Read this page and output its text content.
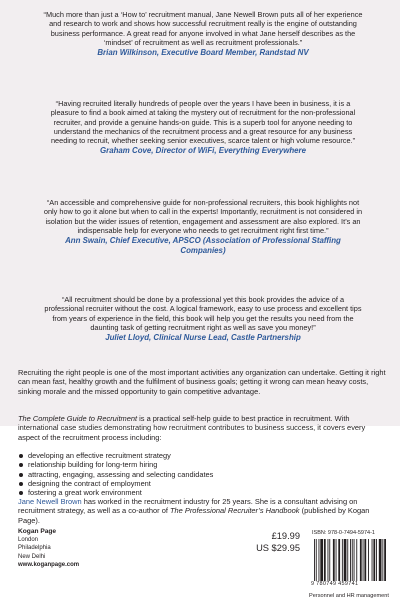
“Much more than just a ‘How to’ recruitment manual, Jane Newell Brown puts all of her experience and research to work and shows how successful recruitment really is the engine of outstanding business performance. A great read for anyone involved in what Jane herself describes as the ‘mindset’ of recruitment as well as recruitment professionals.”
Brian Wilkinson, Executive Board Member, Randstad NV
“Having recruited literally hundreds of people over the years I have been in business, it is a pleasure to find a book aimed at taking the mystery out of recruitment for the non-professional recruiter, and provide a genuine hands-on guide. This is a superb tool for anyone needing to understand the mechanics of the recruitment process and a great resource for any business needing to recruit, whether seeking senior executives, scarce talent or high volume resource.”
Graham Cove, Director of WiFi, Everything Everywhere
“An accessible and comprehensive guide for non-professional recruiters, this book highlights not only how to go it alone but when to call in the experts! Importantly, recruitment is not considered in isolation but the wider issues of retention, engagement and assessment are also explored. It’s an indispensable help for everyone who needs to get recruitment right first time.”
Ann Swain, Chief Executive, APSCO (Association of Professional Staffing Companies)
“All recruitment should be done by a professional yet this book provides the advice of a professional recruiter without the cost. A logical framework, easy to use process and excellent tips from years of experience in the field, this book will help you get the results you need from the daunting task of getting recruitment right as well as save you money!”
Juliet Lloyd, Clinical Nurse Lead, Castle Partnership

Recruiting the right people is one of the most important activities any organization can undertake. Getting it right can mean fast, healthy growth and the fulfilment of business goals; getting it wrong can mean heavy costs, sinking morale and the missed opportunity to gain competitive advantage.

The Complete Guide to Recruitment is a practical self-help guide to best practice in recruitment. With international case studies demonstrating how recruitment contributes to business success, it covers every aspect of the recruitment process including:

developing an effective recruitment strategy
relationship building for long-term hiring
attracting, engaging, assessing and selecting candidates
designing the contract of employment
fostering a great work environment

Jane Newell Brown has worked in the recruitment industry for 25 years. She is a consultant advising on recruitment strategy, as well as a co-author of The Professional Recruiter’s Handbook (published by Kogan Page).

Kogan Page
London
Philadelphia
New Delhi
www.koganpage.com
£19.99
US $29.95
ISBN: 978-0-7494-5974-1
9 780749 459741
Personnel and HR management
